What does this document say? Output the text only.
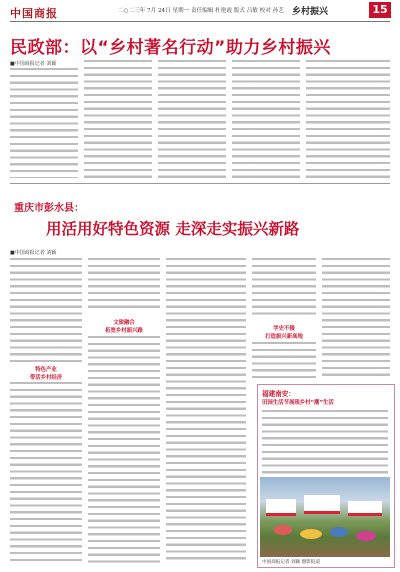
中国商报	二○二三年 7月 24日 星期一 责任编辑 杜艳霞 版式 吕敏 校对 孙艺 乡村振兴	15
民政部：以“乡村著名行动”助力乡村振兴
■中国商报记者 刘颖
重庆市彭水县：
用活用好特色资源 走深走实振兴新路
■中国商报记者 刘颖
特色产业
带活乡村经济
文旅融合
拓宽乡村振兴路	学史不辍
打造振兴新高地
福建南安：
田园生活节展现乡村“潮”生活
中国商报记者 刘颖 摄影报道
